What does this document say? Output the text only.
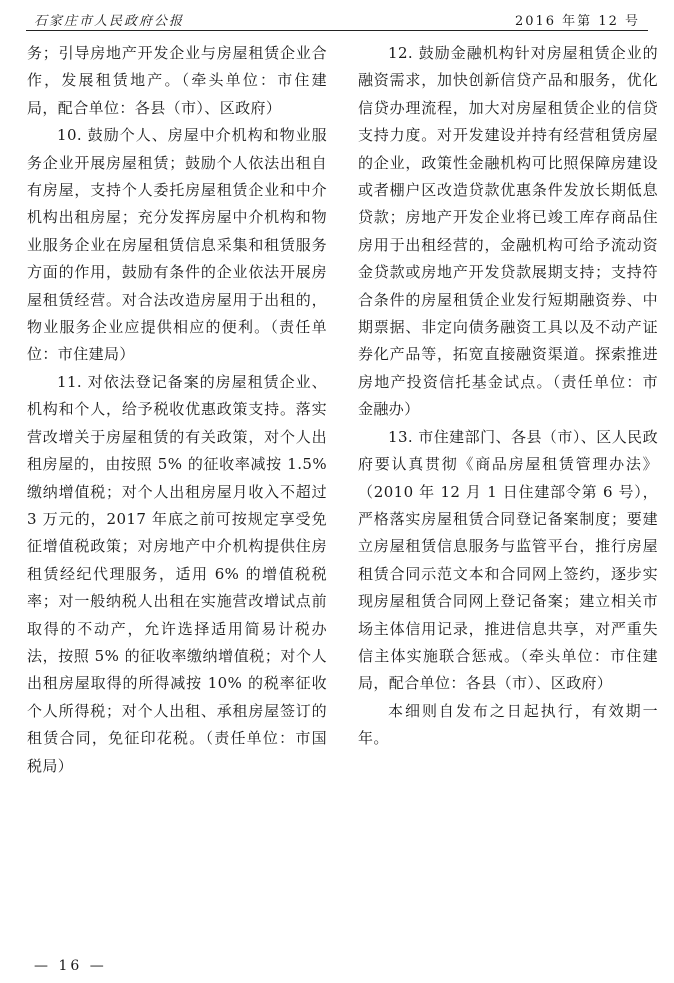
石家庄市人民政府公报	2016 年第 12 号

务；引导房地产开发企业与房屋租赁企业合作，发展租赁地产。（牵头单位：市住建局，配合单位：各县（市）、区政府）

10. 鼓励个人、房屋中介机构和物业服务企业开展房屋租赁；鼓励个人依法出租自有房屋，支持个人委托房屋租赁企业和中介机构出租房屋；充分发挥房屋中介机构和物业服务企业在房屋租赁信息采集和租赁服务方面的作用，鼓励有条件的企业依法开展房屋租赁经营。对合法改造房屋用于出租的，物业服务企业应提供相应的便利。（责任单位：市住建局）

11. 对依法登记备案的房屋租赁企业、机构和个人，给予税收优惠政策支持。落实营改增关于房屋租赁的有关政策，对个人出租房屋的，由按照 5% 的征收率减按 1.5% 缴纳增值税；对个人出租房屋月收入不超过 3 万元的，2017 年底之前可按规定享受免征增值税政策；对房地产中介机构提供住房租赁经纪代理服务，适用 6% 的增值税税率；对一般纳税人出租在实施营改增试点前取得的不动产，允许选择适用简易计税办法，按照 5% 的征收率缴纳增值税；对个人出租房屋取得的所得减按 10% 的税率征收个人所得税；对个人出租、承租房屋签订的租赁合同，免征印花税。（责任单位：市国税局）

12. 鼓励金融机构针对房屋租赁企业的融资需求，加快创新信贷产品和服务，优化信贷办理流程，加大对房屋租赁企业的信贷支持力度。对开发建设并持有经营租赁房屋的企业，政策性金融机构可比照保障房建设或者棚户区改造贷款优惠条件发放长期低息贷款；房地产开发企业将已竣工库存商品住房用于出租经营的，金融机构可给予流动资金贷款或房地产开发贷款展期支持；支持符合条件的房屋租赁企业发行短期融资券、中期票据、非定向债务融资工具以及不动产证券化产品等，拓宽直接融资渠道。探索推进房地产投资信托基金试点。（责任单位：市金融办）

13. 市住建部门、各县（市）、区人民政府要认真贯彻《商品房屋租赁管理办法》（2010 年 12 月 1 日住建部令第 6 号），严格落实房屋租赁合同登记备案制度；要建立房屋租赁信息服务与监管平台，推行房屋租赁合同示范文本和合同网上签约，逐步实现房屋租赁合同网上登记备案；建立相关市场主体信用记录，推进信息共享，对严重失信主体实施联合惩戒。（牵头单位：市住建局，配合单位：各县（市）、区政府）

本细则自发布之日起执行，有效期一年。

— 16 —
